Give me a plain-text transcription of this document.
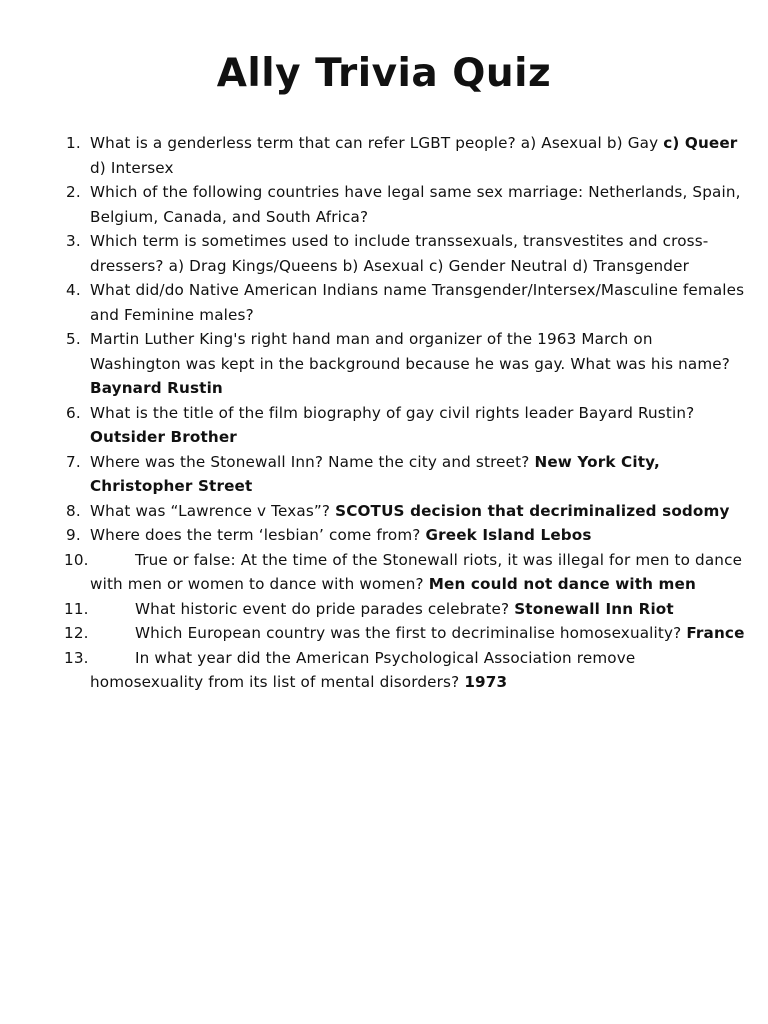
Ally Trivia Quiz
1. What is a genderless term that can refer LGBT people? a) Asexual b) Gay c) Queer d) Intersex
2. Which of the following countries have legal same sex marriage: Netherlands, Spain, Belgium, Canada, and South Africa?
3. Which term is sometimes used to include transsexuals, transvestites and cross-dressers? a) Drag Kings/Queens b) Asexual c) Gender Neutral d) Transgender
4. What did/do Native American Indians name Transgender/Intersex/Masculine females and Feminine males?
5. Martin Luther King's right hand man and organizer of the 1963 March on Washington was kept in the background because he was gay. What was his name? Baynard Rustin
6. What is the title of the film biography of gay civil rights leader Bayard Rustin? Outsider Brother
7. Where was the Stonewall Inn? Name the city and street? New York City, Christopher Street
8. What was “Lawrence v Texas”? SCOTUS decision that decriminalized sodomy
9. Where does the term ‘lesbian’ come from? Greek Island Lebos
10.	True or false: At the time of the Stonewall riots, it was illegal for men to dance with men or women to dance with women? Men could not dance with men
11.	What historic event do pride parades celebrate? Stonewall Inn Riot
12.	Which European country was the first to decriminalise homosexuality? France
13.	In what year did the American Psychological Association remove homosexuality from its list of mental disorders? 1973
